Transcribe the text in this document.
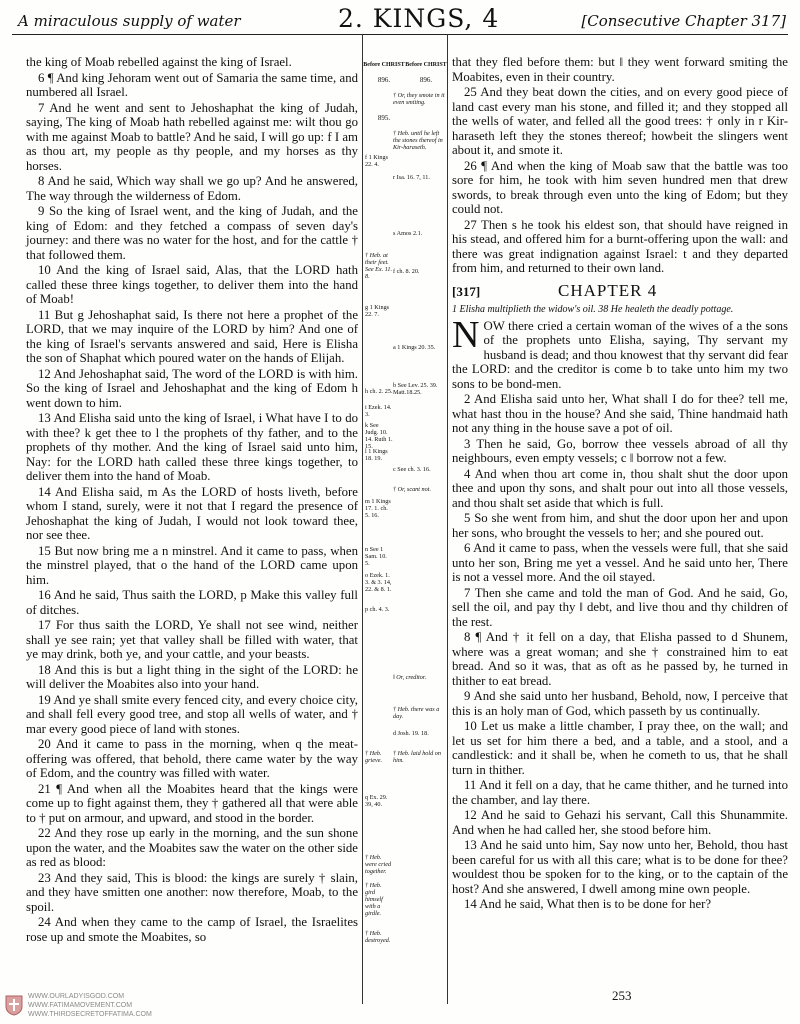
A miraculous supply of water	2. KINGS, 4	[Consecutive Chapter 317]

the king of Moab rebelled against the king of Israel.

6 ¶ And king Jehoram went out of Samaria the same time, and numbered all Israel.

7 And he went and sent to Jehoshaphat the king of Judah, saying, The king of Moab hath rebelled against me: wilt thou go with me against Moab to battle? And he said, I will go up: f I am as thou art, my people as thy people, and my horses as thy horses.

8 And he said, Which way shall we go up? And he answered, The way through the wilderness of Edom.

9 So the king of Israel went, and the king of Judah, and the king of Edom: and they fetched a compass of seven day's journey: and there was no water for the host, and for the cattle † that followed them.

10 And the king of Israel said, Alas, that the LORD hath called these three kings together, to deliver them into the hand of Moab!

11 But g Jehoshaphat said, Is there not here a prophet of the LORD, that we may inquire of the LORD by him? And one of the king of Israel's servants answered and said, Here is Elisha the son of Shaphat which poured water on the hands of Elijah.

12 And Jehoshaphat said, The word of the LORD is with him. So the king of Israel and Jehoshaphat and the king of Edom h went down to him.

13 And Elisha said unto the king of Israel, i What have I to do with thee? k get thee to l the prophets of thy father, and to the prophets of thy mother. And the king of Israel said unto him, Nay: for the LORD hath called these three kings together, to deliver them into the hand of Moab.

14 And Elisha said, m As the LORD of hosts liveth, before whom I stand, surely, were it not that I regard the presence of Jehoshaphat the king of Judah, I would not look toward thee, nor see thee.

15 But now bring me a n minstrel. And it came to pass, when the minstrel played, that o the hand of the LORD came upon him.

16 And he said, Thus saith the LORD, p Make this valley full of ditches.

17 For thus saith the LORD, Ye shall not see wind, neither shall ye see rain; yet that valley shall be filled with water, that ye may drink, both ye, and your cattle, and your beasts.

18 And this is but a light thing in the sight of the LORD: he will deliver the Moabites also into your hand.

19 And ye shall smite every fenced city, and every choice city, and shall fell every good tree, and stop all wells of water, and † mar every good piece of land with stones.

20 And it came to pass in the morning, when q the meat-offering was offered, that behold, there came water by the way of Edom, and the country was filled with water.

21 ¶ And when all the Moabites heard that the kings were come up to fight against them, they † gathered all that were able to † put on armour, and upward, and stood in the border.

22 And they rose up early in the morning, and the sun shone upon the water, and the Moabites saw the water on the other side as red as blood:

23 And they said, This is blood: the kings are surely † slain, and they have smitten one another: now therefore, Moab, to the spoil.

24 And when they came to the camp of Israel, the Israelites rose up and smote the Moabites, so

Before CHRIST Before CHRIST
896.	896.
895.
† Or, they smote in it even smiting.
† Heb. until he left the stones thereof in Kir-haraseth.
f 1 Kings 22. 4.
r Isa. 16. 7, 11.
s Amos 2.1.
† Heb. at their feet. See Ex. 11. 8.
f ch. 8. 20.
g 1 Kings 22. 7.
a 1 Kings 20. 35.
h ch. 2. 25.
b See Lev. 25. 39. Matt.18.25.
i Ezek. 14. 3.
k See Judg. 10. 14. Ruth 1. 15.
l 1 Kings 18. 19.
c See ch. 3. 16.
† Or, scant not.
m 1 Kings 17. 1. ch. 5. 16.
n See 1 Sam. 10. 5.
o Ezek. 1. 3. & 3. 14, 22. & 8. 1.
p ch. 4. 3.
‖ Or, creditor.
† Heb. there was a day.
d Josh. 19. 18.
† Heb. laid hold on him.
† Heb. grieve.
q Ex. 29. 39, 40.
† Heb. were cried together.
† Heb. gird himself with a girdle.
† Heb. destroyed.

that they fled before them: but ‖ they went forward smiting the Moabites, even in their country.

25 And they beat down the cities, and on every good piece of land cast every man his stone, and filled it; and they stopped all the wells of water, and felled all the good trees: † only in r Kir-haraseth left they the stones thereof; howbeit the slingers went about it, and smote it.

26 ¶ And when the king of Moab saw that the battle was too sore for him, he took with him seven hundred men that drew swords, to break through even unto the king of Edom; but they could not.

27 Then s he took his eldest son, that should have reigned in his stead, and offered him for a burnt-offering upon the wall: and there was great indignation against Israel: t and they departed from him, and returned to their own land.

[317]	CHAPTER 4

1 Elisha multiplieth the widow's oil. 38 He healeth the deadly pottage.

NOW there cried a certain woman of the wives of a the sons of the prophets unto Elisha, saying, Thy servant my husband is dead; and thou knowest that thy servant did fear the LORD: and the creditor is come b to take unto him my two sons to be bond-men.

2 And Elisha said unto her, What shall I do for thee? tell me, what hast thou in the house? And she said, Thine handmaid hath not any thing in the house save a pot of oil.

3 Then he said, Go, borrow thee vessels abroad of all thy neighbours, even empty vessels; c ‖ borrow not a few.

4 And when thou art come in, thou shalt shut the door upon thee and upon thy sons, and shalt pour out into all those vessels, and thou shalt set aside that which is full.

5 So she went from him, and shut the door upon her and upon her sons, who brought the vessels to her; and she poured out.

6 And it came to pass, when the vessels were full, that she said unto her son, Bring me yet a vessel. And he said unto her, There is not a vessel more. And the oil stayed.

7 Then she came and told the man of God. And he said, Go, sell the oil, and pay thy ‖ debt, and live thou and thy children of the rest.

8 ¶ And † it fell on a day, that Elisha passed to d Shunem, where was a great woman; and she † constrained him to eat bread. And so it was, that as oft as he passed by, he turned in thither to eat bread.

9 And she said unto her husband, Behold, now, I perceive that this is an holy man of God, which passeth by us continually.

10 Let us make a little chamber, I pray thee, on the wall; and let us set for him there a bed, and a table, and a stool, and a candlestick: and it shall be, when he cometh to us, that he shall turn in thither.

11 And it fell on a day, that he came thither, and he turned into the chamber, and lay there.

12 And he said to Gehazi his servant, Call this Shunammite. And when he had called her, she stood before him.

13 And he said unto him, Say now unto her, Behold, thou hast been careful for us with all this care; what is to be done for thee? wouldest thou be spoken for to the king, or to the captain of the host? And she answered, I dwell among mine own people.

14 And he said, What then is to be done for her?

253
WWW.OURLADYISGOD.COM
WWW.FATIMAMOVEMENT.COM
WWW.THIRDSECRETOFFATIMA.COM
